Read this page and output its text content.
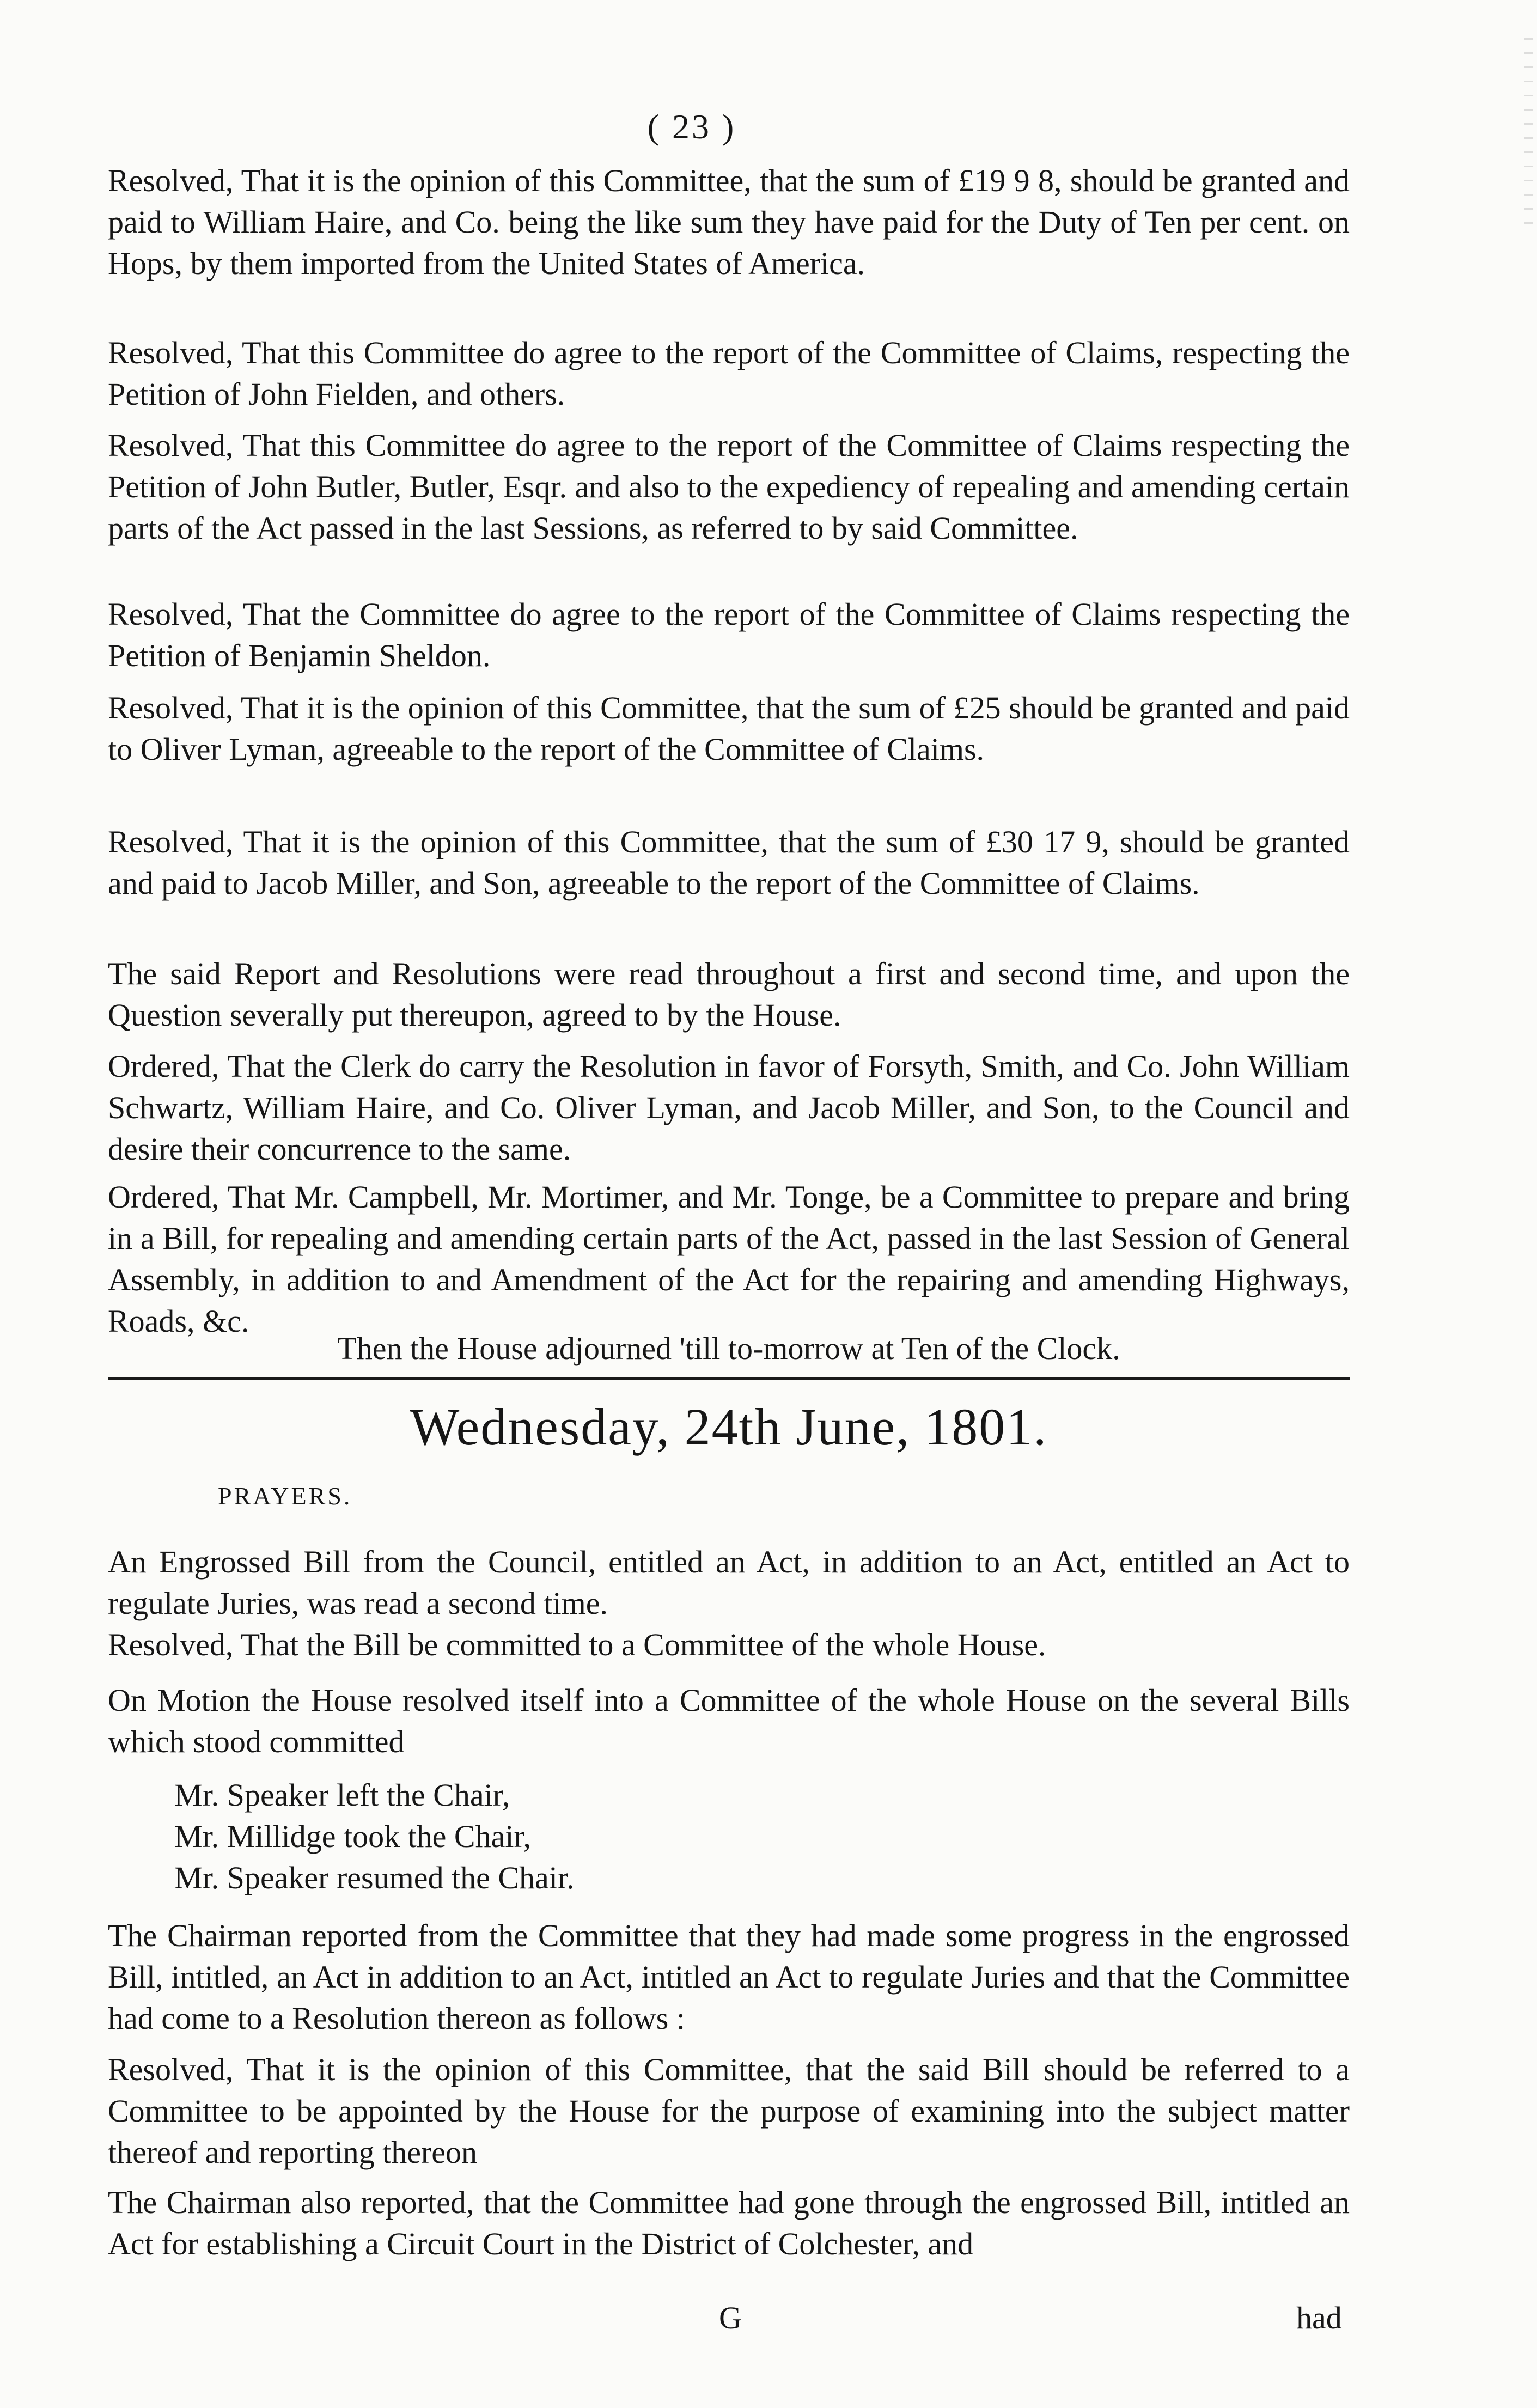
( 23 )

Resolved, That it is the opinion of this Committee, that the sum of £19 9 8, should be granted and paid to William Haire, and Co. being the like sum they have paid for the Duty of Ten per cent. on Hops, by them imported from the United States of America.

Resolved, That this Committee do agree to the report of the Committee of Claims, respecting the Petition of John Fielden, and others.

Resolved, That this Committee do agree to the report of the Committee of Claims respecting the Petition of John Butler, Butler, Esqr. and also to the expediency of repealing and amending certain parts of the Act passed in the last Sessions, as referred to by said Committee.

Resolved, That the Committee do agree to the report of the Committee of Claims respecting the Petition of Benjamin Sheldon.

Resolved, That it is the opinion of this Committee, that the sum of £25 should be granted and paid to Oliver Lyman, agreeable to the report of the Committee of Claims.

Resolved, That it is the opinion of this Committee, that the sum of £30 17 9, should be granted and paid to Jacob Miller, and Son, agreeable to the report of the Committee of Claims.

The said Report and Resolutions were read throughout a first and second time, and upon the Question severally put thereupon, agreed to by the House.

Ordered, That the Clerk do carry the Resolution in favor of Forsyth, Smith, and Co. John William Schwartz, William Haire, and Co. Oliver Lyman, and Jacob Miller, and Son, to the Council and desire their concurrence to the same.

Ordered, That Mr. Campbell, Mr. Mortimer, and Mr. Tonge, be a Committee to prepare and bring in a Bill, for repealing and amending certain parts of the Act, passed in the last Session of General Assembly, in addition to and Amendment of the Act for the repairing and amending Highways, Roads, &c.

Then the House adjourned 'till to-morrow at Ten of the Clock.
Wednesday, 24th June, 1801.
PRAYERS.

An Engrossed Bill from the Council, entitled an Act, in addition to an Act, entitled an Act to regulate Juries, was read a second time.

Resolved, That the Bill be committed to a Committee of the whole House.

On Motion the House resolved itself into a Committee of the whole House on the several Bills which stood committed

Mr. Speaker left the Chair,
Mr. Millidge took the Chair,
Mr. Speaker resumed the Chair.

The Chairman reported from the Committee that they had made some progress in the engrossed Bill, intitled, an Act in addition to an Act, intitled an Act to regulate Juries and that the Committee had come to a Resolution thereon as follows :

Resolved, That it is the opinion of this Committee, that the said Bill should be referred to a Committee to be appointed by the House for the purpose of examining into the subject matter thereof and reporting thereon

The Chairman also reported, that the Committee had gone through the engrossed Bill, intitled an Act for establishing a Circuit Court in the District of Colchester, and

G	had
